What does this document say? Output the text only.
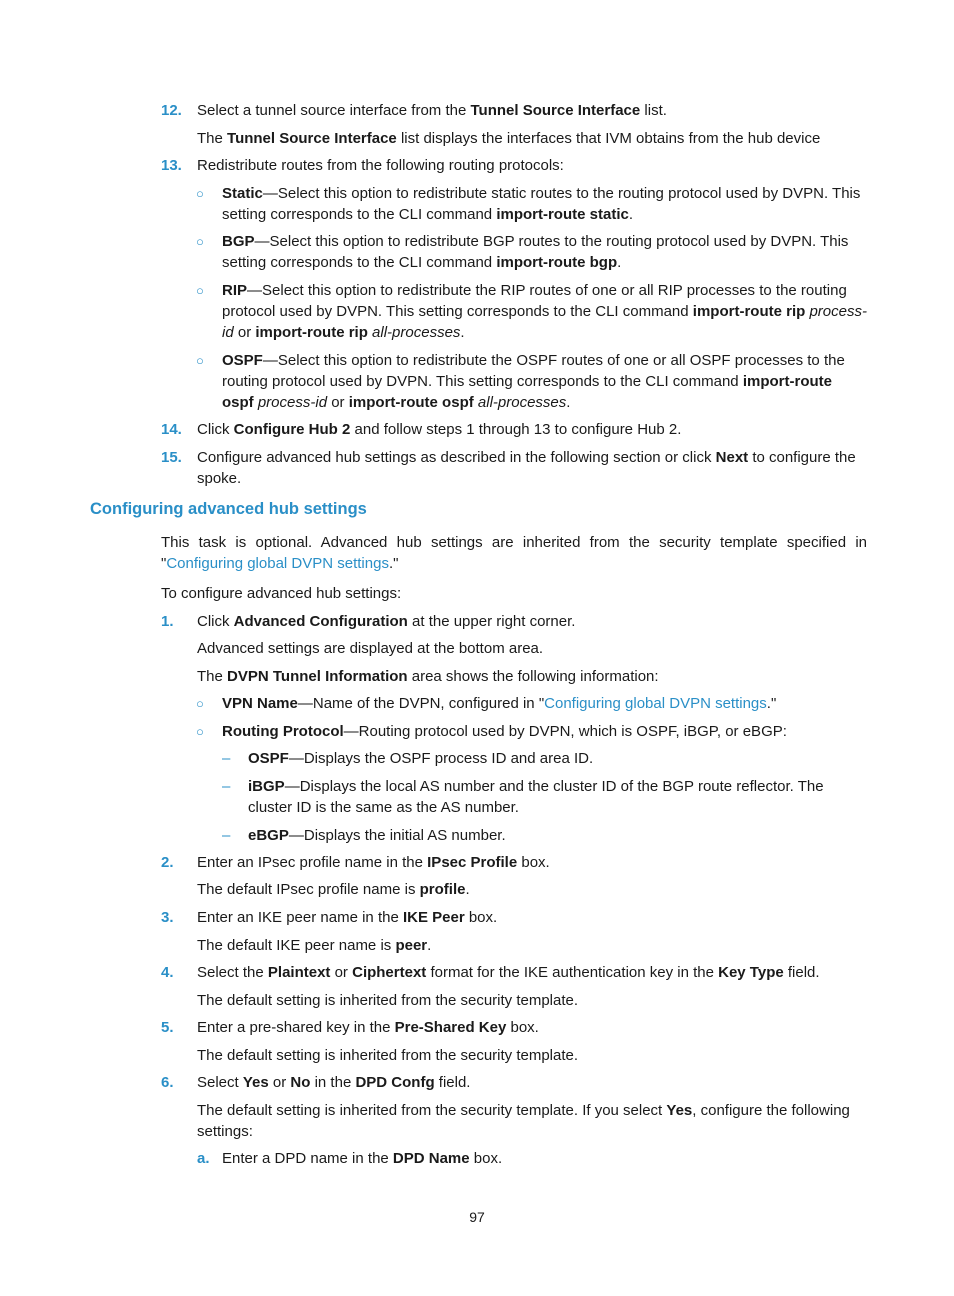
12. Select a tunnel source interface from the Tunnel Source Interface list.
The Tunnel Source Interface list displays the interfaces that IVM obtains from the hub device
13. Redistribute routes from the following routing protocols:
○ Static—Select this option to redistribute static routes to the routing protocol used by DVPN. This setting corresponds to the CLI command import-route static.
○ BGP—Select this option to redistribute BGP routes to the routing protocol used by DVPN. This setting corresponds to the CLI command import-route bgp.
○ RIP—Select this option to redistribute the RIP routes of one or all RIP processes to the routing protocol used by DVPN. This setting corresponds to the CLI command import-route rip process-id or import-route rip all-processes.
○ OSPF—Select this option to redistribute the OSPF routes of one or all OSPF processes to the routing protocol used by DVPN. This setting corresponds to the CLI command import-route ospf process-id or import-route ospf all-processes.
14. Click Configure Hub 2 and follow steps 1 through 13 to configure Hub 2.
15. Configure advanced hub settings as described in the following section or click Next to configure the spoke.
Configuring advanced hub settings
This task is optional. Advanced hub settings are inherited from the security template specified in "Configuring global DVPN settings."
To configure advanced hub settings:
1. Click Advanced Configuration at the upper right corner.
Advanced settings are displayed at the bottom area.
The DVPN Tunnel Information area shows the following information:
○ VPN Name—Name of the DVPN, configured in "Configuring global DVPN settings."
○ Routing Protocol—Routing protocol used by DVPN, which is OSPF, iBGP, or eBGP:
– OSPF—Displays the OSPF process ID and area ID.
– iBGP—Displays the local AS number and the cluster ID of the BGP route reflector. The cluster ID is the same as the AS number.
– eBGP—Displays the initial AS number.
2. Enter an IPsec profile name in the IPsec Profile box.
The default IPsec profile name is profile.
3. Enter an IKE peer name in the IKE Peer box.
The default IKE peer name is peer.
4. Select the Plaintext or Ciphertext format for the IKE authentication key in the Key Type field.
The default setting is inherited from the security template.
5. Enter a pre-shared key in the Pre-Shared Key box.
The default setting is inherited from the security template.
6. Select Yes or No in the DPD Confg field.
The default setting is inherited from the security template. If you select Yes, configure the following settings:
a. Enter a DPD name in the DPD Name box.
97
